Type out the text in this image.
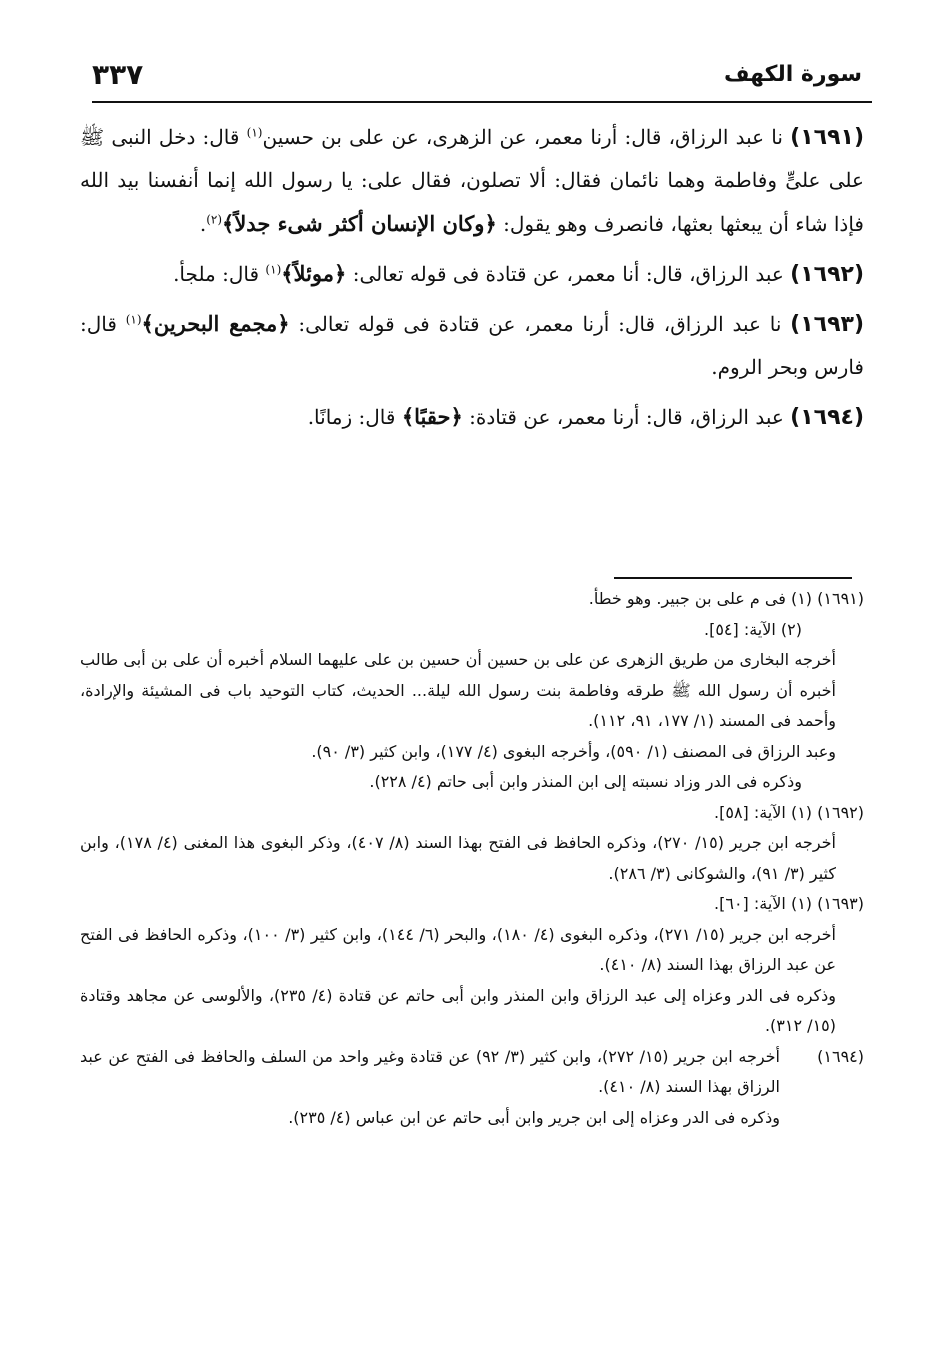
سورة الكهف
٣٣٧

(١٦٩١) نا عبد الرزاق، قال: أرنا معمر، عن الزهرى، عن على بن حسين$^{(١)}$ قال: دخل النبى ﷺ على علىٍّ وفاطمة وهما نائمان فقال: ألا تصلون، فقال على: يا رسول الله إنما أنفسنا بيد الله فإذا شاء أن يبعثها بعثها، فانصرف وهو يقول: ﴿وكان الإنسان أكثر شىء جدلاً﴾$^{(٢)}$.

(١٦٩٢) عبد الرزاق، قال: أنا معمر، عن قتادة فى قوله تعالى: ﴿موئلاً﴾$^{(١)}$ قال: ملجأ.

(١٦٩٣) نا عبد الرزاق، قال: أرنا معمر، عن قتادة فى قوله تعالى: ﴿مجمع البحرين﴾$^{(١)}$ قال: فارس وبحر الروم.

(١٦٩٤) عبد الرزاق، قال: أرنا معمر، عن قتادة: ﴿حقبًا﴾ قال: زمانًا.

(١٦٩١) (١) فى م على بن جبير. وهو خطأ.
(٢) الآية: [٥٤].
أخرجه البخارى من طريق الزهرى عن على بن حسين أن حسين بن على عليهما السلام أخبره أن على بن أبى طالب أخبره أن رسول الله ﷺ طرقه وفاطمة بنت رسول الله ليلة... الحديث، كتاب التوحيد باب فى المشيئة والإرادة، وأحمد فى المسند (١/ ١٧٧، ٩١، ١١٢).
وعبد الرزاق فى المصنف (١/ ٥٩٠)، وأخرجه البغوى (٤/ ١٧٧)، وابن كثير (٣/ ٩٠).
وذكره فى الدر وزاد نسبته إلى ابن المنذر وابن أبى حاتم (٤/ ٢٢٨).
(١٦٩٢) (١) الآية: [٥٨].
أخرجه ابن جرير (١٥/ ٢٧٠)، وذكره الحافظ فى الفتح بهذا السند (٨/ ٤٠٧)، وذكر البغوى هذا المغنى (٤/ ١٧٨)، وابن كثير (٣/ ٩١)، والشوكانى (٣/ ٢٨٦).
(١٦٩٣) (١) الآية: [٦٠].
أخرجه ابن جرير (١٥/ ٢٧١)، وذكره البغوى (٤/ ١٨٠)، والبحر (٦/ ١٤٤)، وابن كثير (٣/ ١٠٠)، وذكره الحافظ فى الفتح عن عبد الرزاق بهذا السند (٨/ ٤١٠).
وذكره فى الدر وعزاه إلى عبد الرزاق وابن المنذر وابن أبى حاتم عن قتادة (٤/ ٢٣٥)، والألوسى عن مجاهد وقتادة (١٥/ ٣١٢).
(١٦٩٤)
أخرجه ابن جرير (١٥/ ٢٧٢)، وابن كثير (٣/ ٩٢) عن قتادة وغير واحد من السلف والحافظ فى الفتح عن عبد الرزاق بهذا السند (٨/ ٤١٠).
وذكره فى الدر وعزاه إلى ابن جرير وابن أبى حاتم عن ابن عباس (٤/ ٢٣٥).
